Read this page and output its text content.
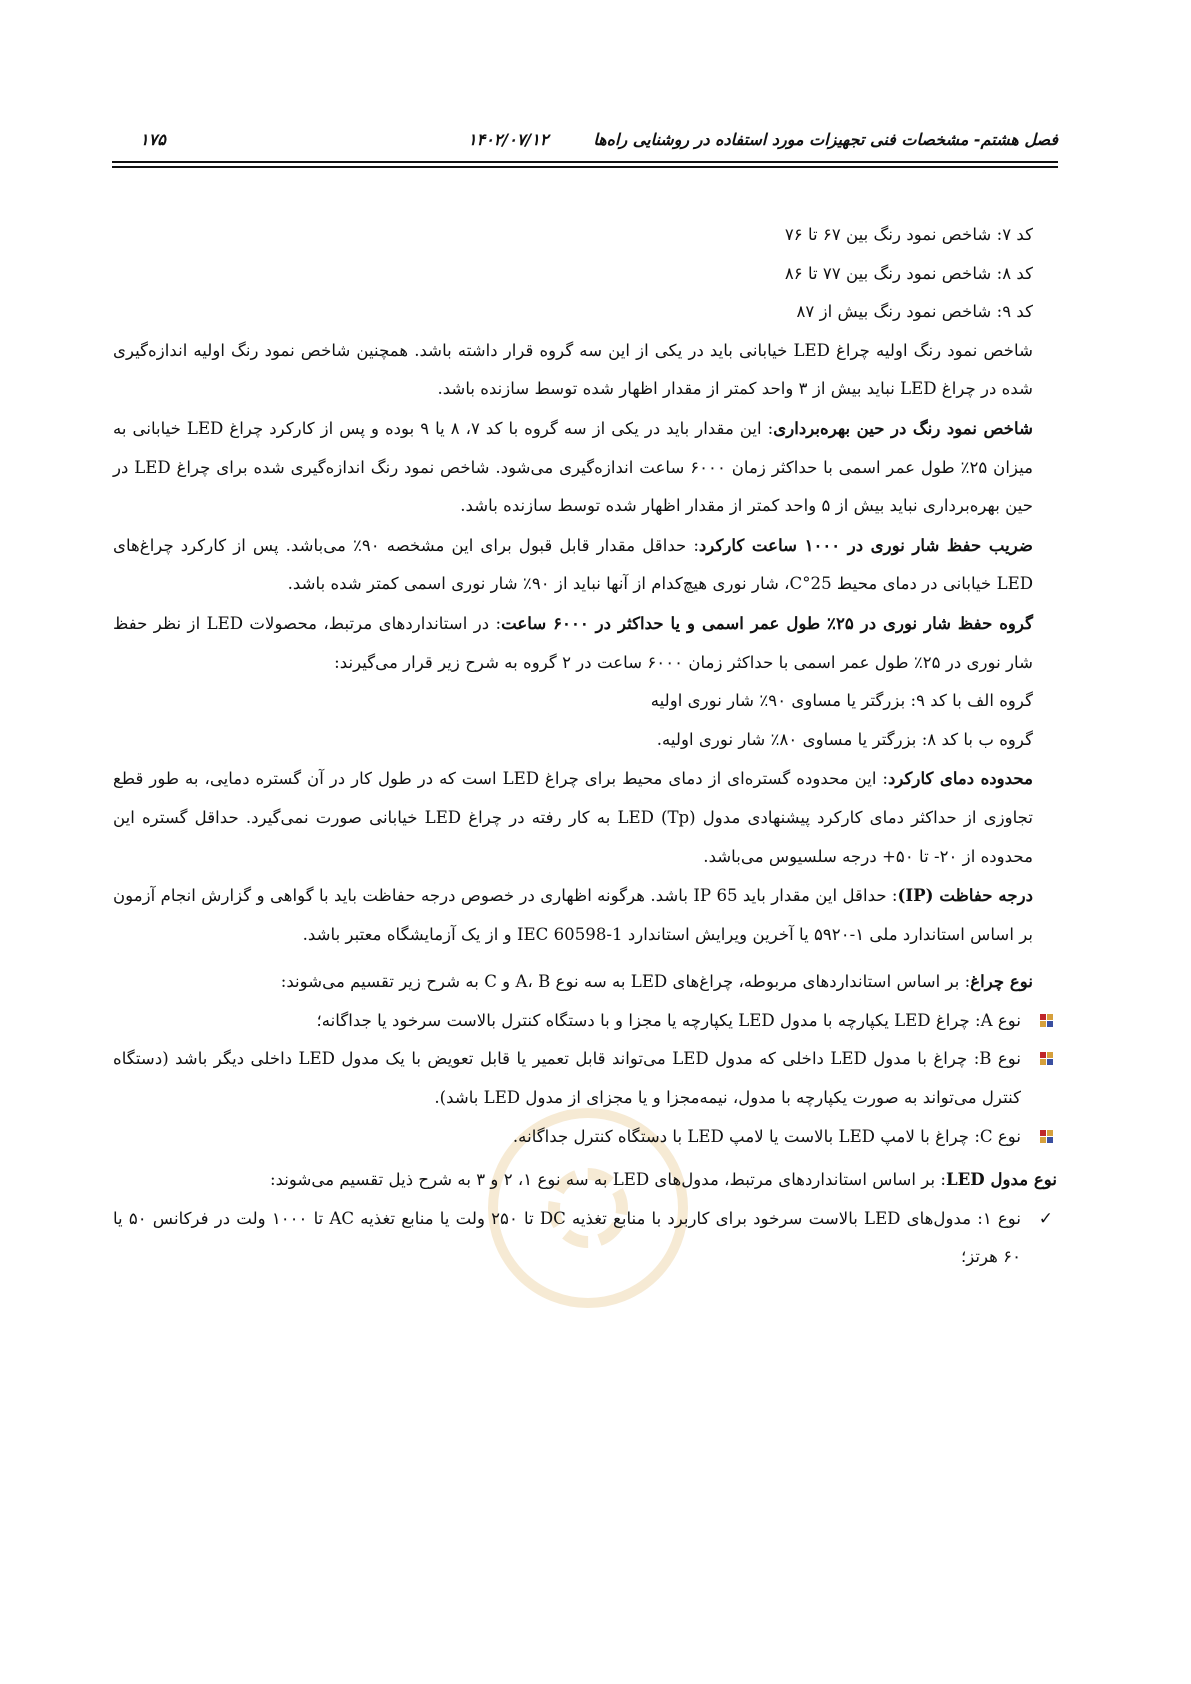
فصل هشتم- مشخصات فنی تجهیزات مورد استفاده در روشنایی راه‌ها
۱۴۰۲/۰۷/۱۲
۱۷۵

کد ۷: شاخص نمود رنگ بین ۶۷ تا ۷۶

کد ۸: شاخص نمود رنگ بین ۷۷ تا ۸۶

کد ۹: شاخص نمود رنگ بیش از ۸۷

شاخص نمود رنگ اولیه چراغ LED خیابانی باید در یکی از این سه گروه قرار داشته باشد. همچنین شاخص نمود رنگ اولیه اندازه‌گیری شده در چراغ LED نباید بیش از ۳ واحد کمتر از مقدار اظهار شده توسط سازنده باشد.

شاخص نمود رنگ در حین بهره‌برداری: این مقدار باید در یکی از سه گروه با کد ۷، ۸ یا ۹ بوده و پس از کارکرد چراغ LED خیابانی به میزان ۲۵٪ طول عمر اسمی با حداکثر زمان ۶۰۰۰ ساعت اندازه‌گیری می‌شود. شاخص نمود رنگ اندازه‌گیری شده برای چراغ LED در حین بهره‌برداری نباید بیش از ۵ واحد کمتر از مقدار اظهار شده توسط سازنده باشد.

ضریب حفظ شار نوری در ۱۰۰۰ ساعت کارکرد: حداقل مقدار قابل قبول برای این مشخصه ۹۰٪ می‌باشد. پس از کارکرد چراغ‌های LED خیابانی در دمای محیط 25°C، شار نوری هیچ‌کدام از آنها نباید از ۹۰٪ شار نوری اسمی کمتر شده باشد.

گروه حفظ شار نوری در ۲۵٪ طول عمر اسمی و یا حداکثر در ۶۰۰۰ ساعت: در استانداردهای مرتبط، محصولات LED از نظر حفظ شار نوری در ۲۵٪ طول عمر اسمی با حداکثر زمان ۶۰۰۰ ساعت در ۲ گروه به شرح زیر قرار می‌گیرند:

گروه الف با کد ۹: بزرگتر یا مساوی ۹۰٪ شار نوری اولیه

گروه ب با کد ۸: بزرگتر یا مساوی ۸۰٪ شار نوری اولیه.

محدوده دمای کارکرد: این محدوده گستره‌ای از دمای محیط برای چراغ LED است که در طول کار در آن گستره دمایی، به طور قطع تجاوزی از حداکثر دمای کارکرد پیشنهادی مدول LED (Tp) به کار رفته در چراغ LED خیابانی صورت نمی‌گیرد. حداقل گستره این محدوده از ۲۰- تا ۵۰+ درجه سلسیوس می‌باشد.

درجه حفاظت (IP): حداقل این مقدار باید IP 65 باشد. هرگونه اظهاری در خصوص درجه حفاظت باید با گواهی و گزارش انجام آزمون بر اساس استاندارد ملی ۱-۵۹۲۰ یا آخرین ویرایش استاندارد IEC 60598-1 و از یک آزمایشگاه معتبر باشد.

نوع چراغ: بر اساس استانداردهای مربوطه، چراغ‌های LED به سه نوع A، B و C به شرح زیر تقسیم می‌شوند:

نوع A: چراغ LED یکپارچه با مدول LED یکپارچه یا مجزا و با دستگاه کنترل بالاست سرخود یا جداگانه؛

نوع B: چراغ با مدول LED داخلی که مدول LED می‌تواند قابل تعمیر یا قابل تعویض با یک مدول LED داخلی دیگر باشد (دستگاه کنترل می‌تواند به صورت یکپارچه با مدول، نیمه‌مجزا و یا مجزای از مدول LED باشد).

نوع C: چراغ با لامپ LED بالاست یا لامپ LED با دستگاه کنترل جداگانه.

نوع مدول LED: بر اساس استانداردهای مرتبط، مدول‌های LED به سه نوع ۱، ۲ و ۳ به شرح ذیل تقسیم می‌شوند:

✓
نوع ۱: مدول‌های LED بالاست سرخود برای کاربرد با منابع تغذیه DC تا ۲۵۰ ولت یا منابع تغذیه AC تا ۱۰۰۰ ولت در فرکانس ۵۰ یا ۶۰ هرتز؛
